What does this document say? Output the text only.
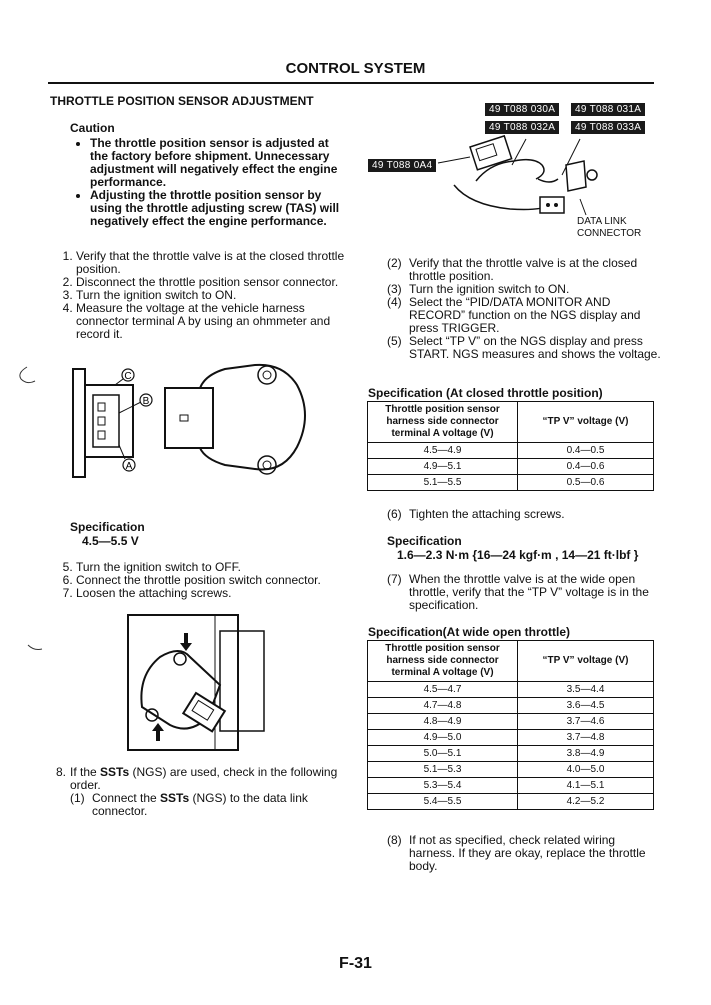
CONTROL SYSTEM
THROTTLE POSITION SENSOR ADJUSTMENT
Caution
• The throttle position sensor is adjusted at the factory before shipment. Unnecessary adjustment will negatively effect the engine performance.
• Adjusting the throttle position sensor by using the throttle adjusting screw (TAS) will negatively effect the engine performance.
1. Verify that the throttle valve is at the closed throttle position.
2. Disconnect the throttle position sensor connector.
3. Turn the ignition switch to ON.
4. Measure the voltage at the vehicle harness connector terminal A by using an ohmmeter and record it.
C
B
A
Specification
4.5—5.5 V
5. Turn the ignition switch to OFF.
6. Connect the throttle position switch connector.
7. Loosen the attaching screws.
8. If the SSTs (NGS) are used, check in the following order.
(1) Connect the SSTs (NGS) to the data link connector.
49 T088 030A	49 T088 031A
49 T088 032A	49 T088 033A
49 T088 0A4
DATA LINK
CONNECTOR
(2) Verify that the throttle valve is at the closed throttle position.
(3) Turn the ignition switch to ON.
(4) Select the “PID/DATA MONITOR AND RECORD” function on the NGS display and press TRIGGER.
(5) Select “TP V” on the NGS display and press START. NGS measures and shows the voltage.
Specification (At closed throttle position)
Throttle position sensor harness side connector terminal A voltage (V)	“TP V” voltage (V)
4.5—4.9	0.4—0.5
4.9—5.1	0.4—0.6
5.1—5.5	0.5—0.6
(6) Tighten the attaching screws.
Specification
1.6—2.3 N·m {16—24 kgf·m , 14—21 ft·lbf }
(7) When the throttle valve is at the wide open throttle, verify that the “TP V” voltage is in the specification.
Specification(At wide open throttle)
Throttle position sensor harness side connector terminal A voltage (V)	“TP V” voltage (V)
4.5—4.7	3.5—4.4
4.7—4.8	3.6—4.5
4.8—4.9	3.7—4.6
4.9—5.0	3.7—4.8
5.0—5.1	3.8—4.9
5.1—5.3	4.0—5.0
5.3—5.4	4.1—5.1
5.4—5.5	4.2—5.2
(8) If not as specified, check related wiring harness. If they are okay, replace the throttle body.
F-31
